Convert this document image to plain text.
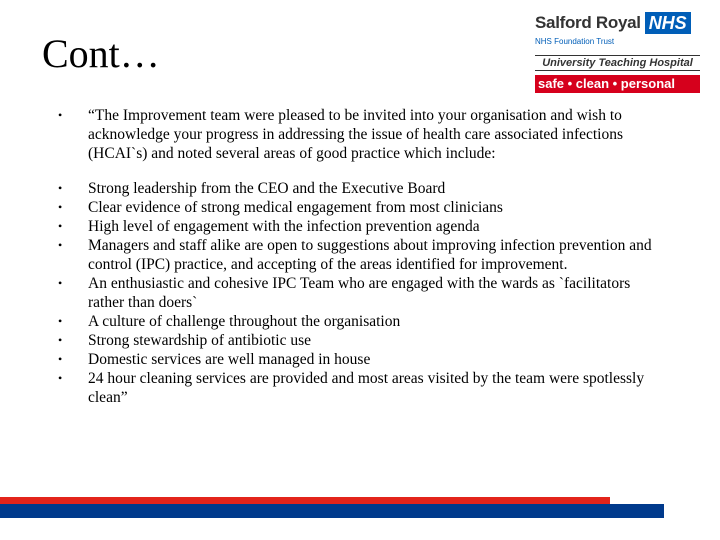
Cont…
Salford Royal NHS
NHS Foundation Trust
University Teaching Hospital
safe • clean • personal
• “The Improvement team were pleased to be invited into your organisation and wish to acknowledge your progress in addressing the issue of health care associated infections (HCAI`s) and noted several areas of good practice which include:
• Strong leadership from the CEO and the Executive Board
• Clear evidence of strong medical engagement from most clinicians
• High level of engagement with the infection prevention agenda
• Managers and staff alike are open to suggestions about improving infection prevention and control (IPC) practice, and accepting of the areas identified for improvement.
• An enthusiastic and cohesive IPC Team who are engaged with the wards as `facilitators rather than doers`
• A culture of challenge throughout the organisation
• Strong stewardship of antibiotic use
• Domestic services are well managed in house
• 24 hour cleaning services are provided and most areas visited by the team were spotlessly clean”
